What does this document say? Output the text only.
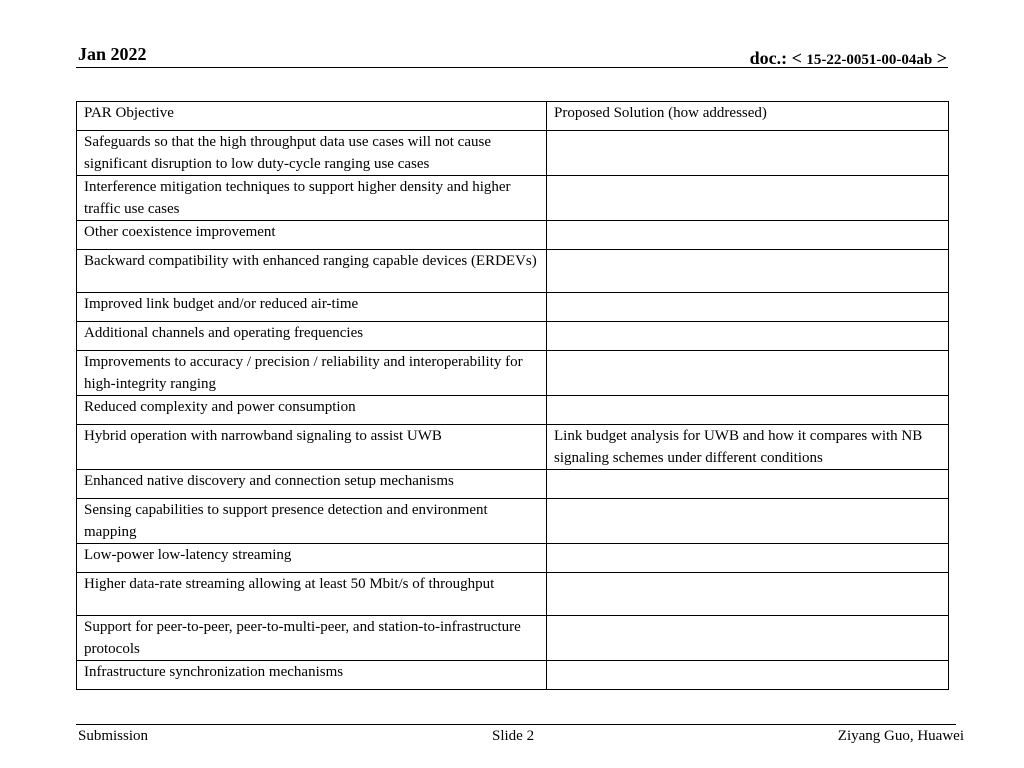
Jan 2022	doc.: < 15-22-0051-00-04ab >
PAR Objective	Proposed Solution (how addressed)
Safeguards so that the high throughput data use cases will not cause significant disruption to low duty-cycle ranging use cases	
Interference mitigation techniques to support higher density and higher traffic use cases	
Other coexistence improvement	
Backward compatibility with enhanced ranging capable devices (ERDEVs)	
Improved link budget and/or reduced air-time	
Additional channels and operating frequencies	
Improvements to accuracy / precision / reliability and interoperability for high-integrity ranging	
Reduced complexity and power consumption	
Hybrid operation with narrowband signaling to assist UWB	Link budget analysis for UWB and how it compares with NB signaling schemes under different conditions
Enhanced native discovery and connection setup mechanisms	
Sensing capabilities to support presence detection and environment mapping	
Low-power low-latency streaming	
Higher data-rate streaming allowing at least 50 Mbit/s of throughput	
Support for peer-to-peer, peer-to-multi-peer, and station-to-infrastructure protocols	
Infrastructure synchronization mechanisms	
Submission	Slide 2	Ziyang Guo, Huawei
